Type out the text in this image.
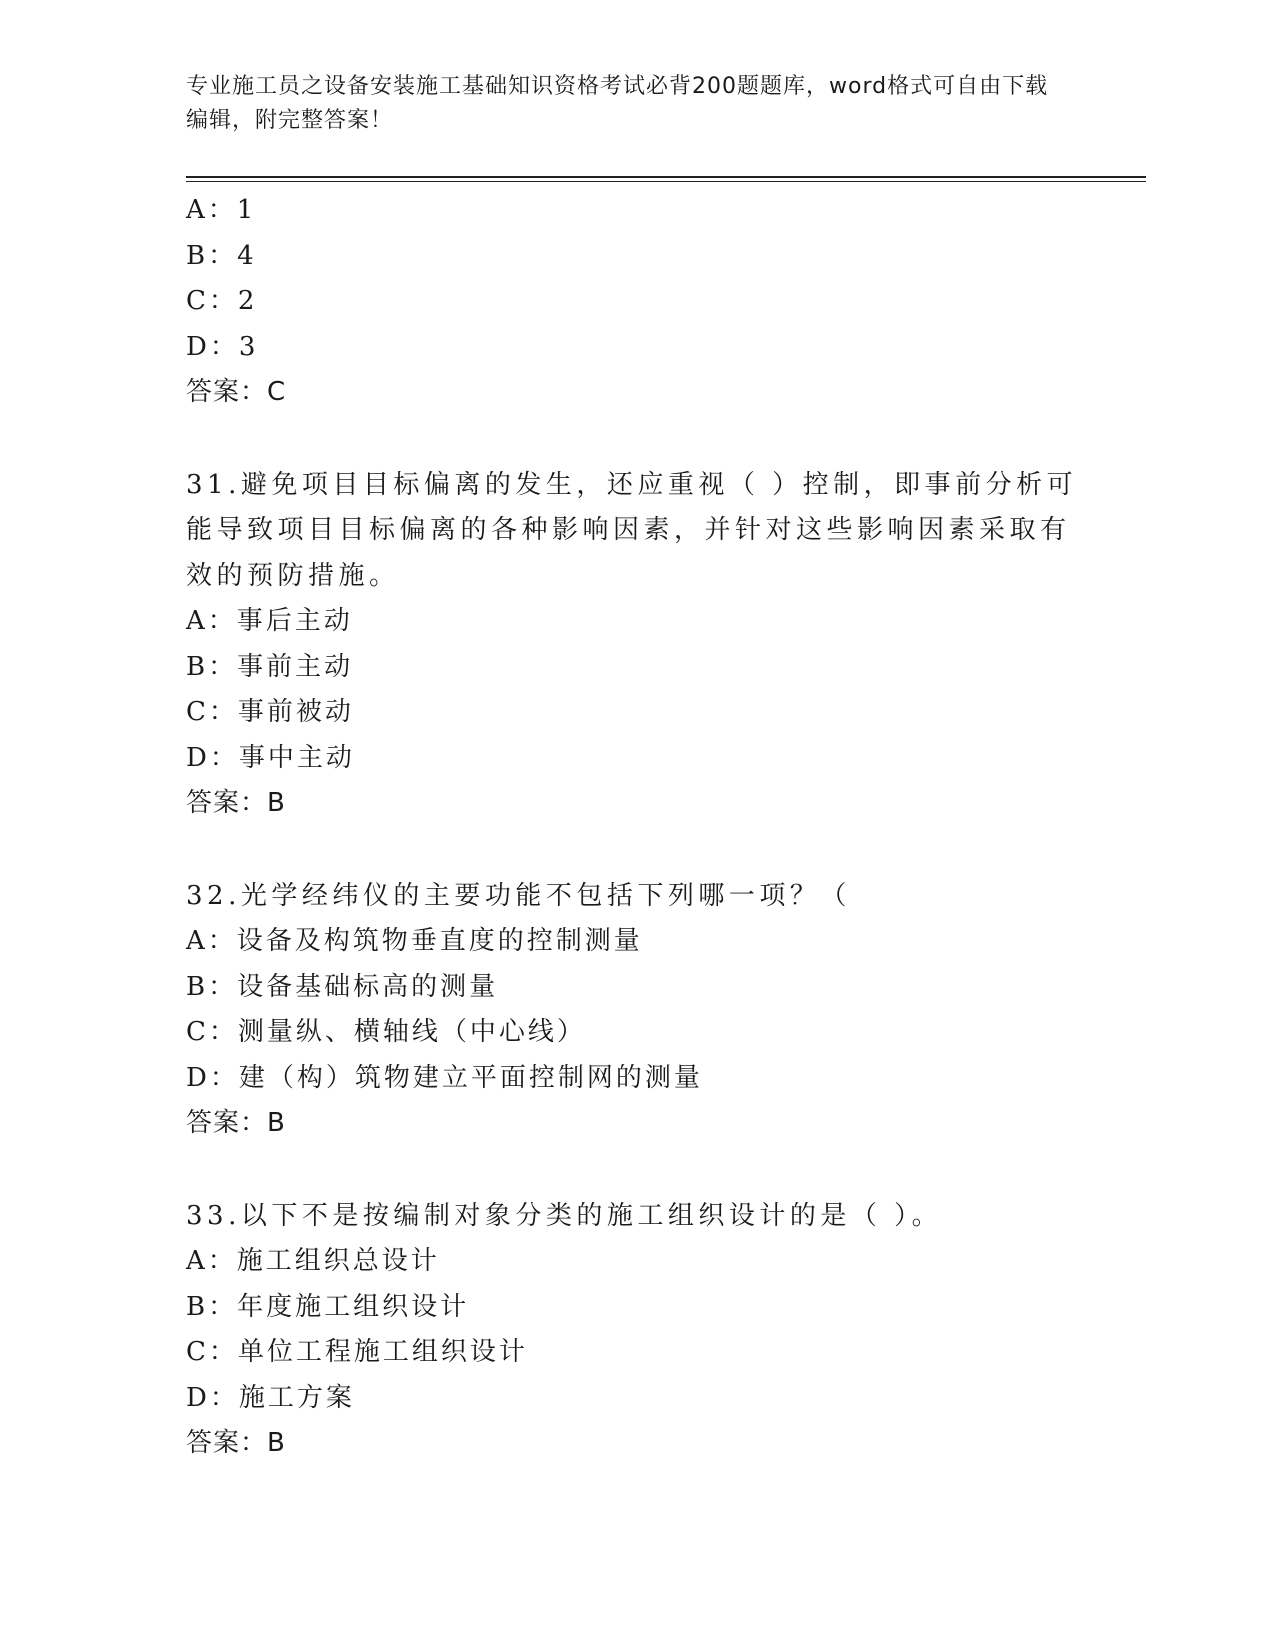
专业施工员之设备安装施工基础知识资格考试必背200题题库，word格式可自由下载编辑，附完整答案！
A：1
B：4
C：2
D：3
答案：C
31.避免项目目标偏离的发生，还应重视（ ）控制，即事前分析可能导致项目目标偏离的各种影响因素，并针对这些影响因素采取有效的预防措施。
A：事后主动
B：事前主动
C：事前被动
D：事中主动
答案：B
32.光学经纬仪的主要功能不包括下列哪一项？（
A：设备及构筑物垂直度的控制测量
B：设备基础标高的测量
C：测量纵、横轴线（中心线）
D：建（构）筑物建立平面控制网的测量
答案：B
33.以下不是按编制对象分类的施工组织设计的是（ ）。
A：施工组织总设计
B：年度施工组织设计
C：单位工程施工组织设计
D：施工方案
答案：B
